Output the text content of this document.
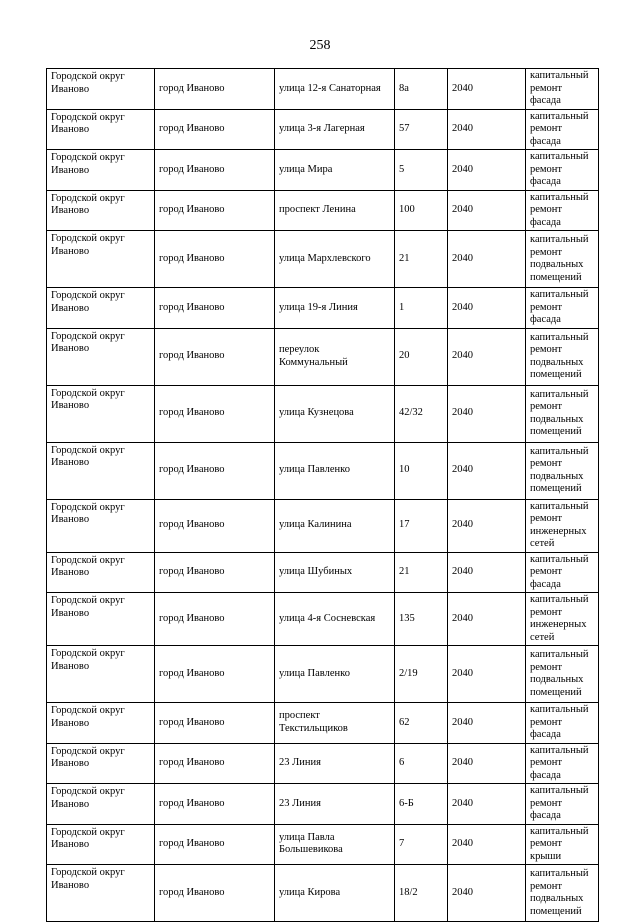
258
Городской округ Иваново	город Иваново	улица 12-я Санаторная	8а	2040	капитальный ремонт фасада
Городской округ Иваново	город Иваново	улица 3-я Лагерная	57	2040	капитальный ремонт фасада
Городской округ Иваново	город Иваново	улица Мира	5	2040	капитальный ремонт фасада
Городской округ Иваново	город Иваново	проспект Ленина	100	2040	капитальный ремонт фасада
Городской округ Иваново	город Иваново	улица Мархлевского	21	2040	капитальный ремонт подвальных помещений
Городской округ Иваново	город Иваново	улица 19-я Линия	1	2040	капитальный ремонт фасада
Городской округ Иваново	город Иваново	переулок Коммунальный	20	2040	капитальный ремонт подвальных помещений
Городской округ Иваново	город Иваново	улица Кузнецова	42/32	2040	капитальный ремонт подвальных помещений
Городской округ Иваново	город Иваново	улица Павленко	10	2040	капитальный ремонт подвальных помещений
Городской округ Иваново	город Иваново	улица Калинина	17	2040	капитальный ремонт инженерных сетей
Городской округ Иваново	город Иваново	улица Шубиных	21	2040	капитальный ремонт фасада
Городской округ Иваново	город Иваново	улица 4-я Сосневская	135	2040	капитальный ремонт инженерных сетей
Городской округ Иваново	город Иваново	улица Павленко	2/19	2040	капитальный ремонт подвальных помещений
Городской округ Иваново	город Иваново	проспект Текстильщиков	62	2040	капитальный ремонт фасада
Городской округ Иваново	город Иваново	23 Линия	6	2040	капитальный ремонт фасада
Городской округ Иваново	город Иваново	23 Линия	6-Б	2040	капитальный ремонт фасада
Городской округ Иваново	город Иваново	улица Павла Большевикова	7	2040	капитальный ремонт крыши
Городской округ Иваново	город Иваново	улица Кирова	18/2	2040	капитальный ремонт подвальных помещений
